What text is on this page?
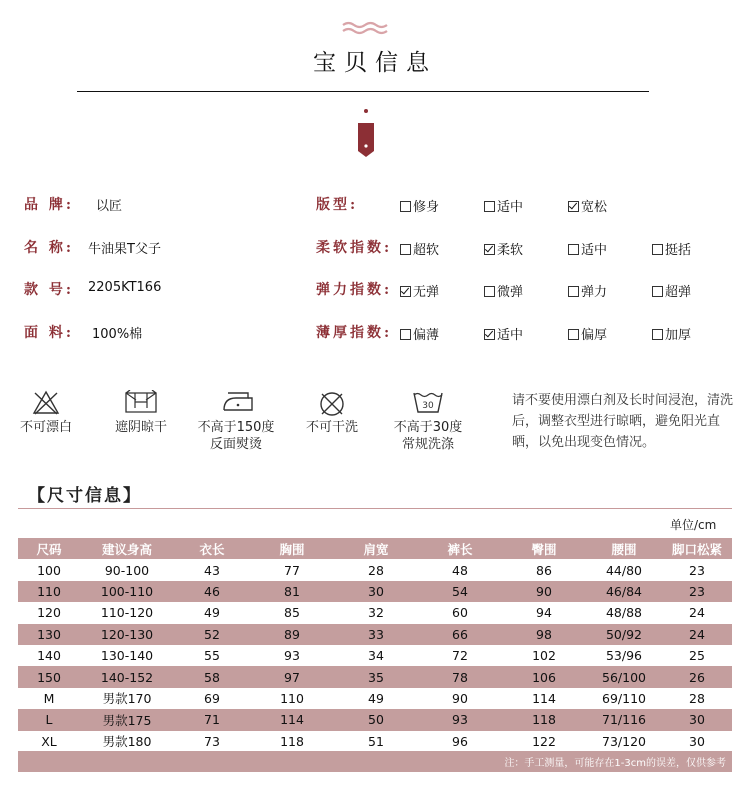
宝贝信息
品 牌: 以匠
名 称: 牛油果T父子
款 号: 2205KT166
面 料: 100%棉
版型:	修身	适中	宽松
柔软指数:	超软	柔软	适中	挺括
弹力指数:	无弹	微弹	弹力	超弹
薄厚指数:	偏薄	适中	偏厚	加厚
不可漂白	遮阴晾干	不高于150度
反面熨烫
不可干洗
30
不高于30度
常规洗涤
请不要使用漂白剂及长时间浸泡，清洗后，调整衣型进行晾晒，避免阳光直晒，以免出现变色情况。
【尺寸信息】
单位/cm
尺码	建议身高	衣长	胸围	肩宽	裤长	臀围	腰围	脚口松紧
100	90-100	43	77	28	48	86	44/80	23
110	100-110	46	81	30	54	90	46/84	23
120	110-120	49	85	32	60	94	48/88	24
130	120-130	52	89	33	66	98	50/92	24
140	130-140	55	93	34	72	102	53/96	25
150	140-152	58	97	35	78	106	56/100	26
M	男款170	69	110	49	90	114	69/110	28
L	男款175	71	114	50	93	118	71/116	30
XL	男款180	73	118	51	96	122	73/120	30
注：手工测量，可能存在1-3cm的误差，仅供参考
